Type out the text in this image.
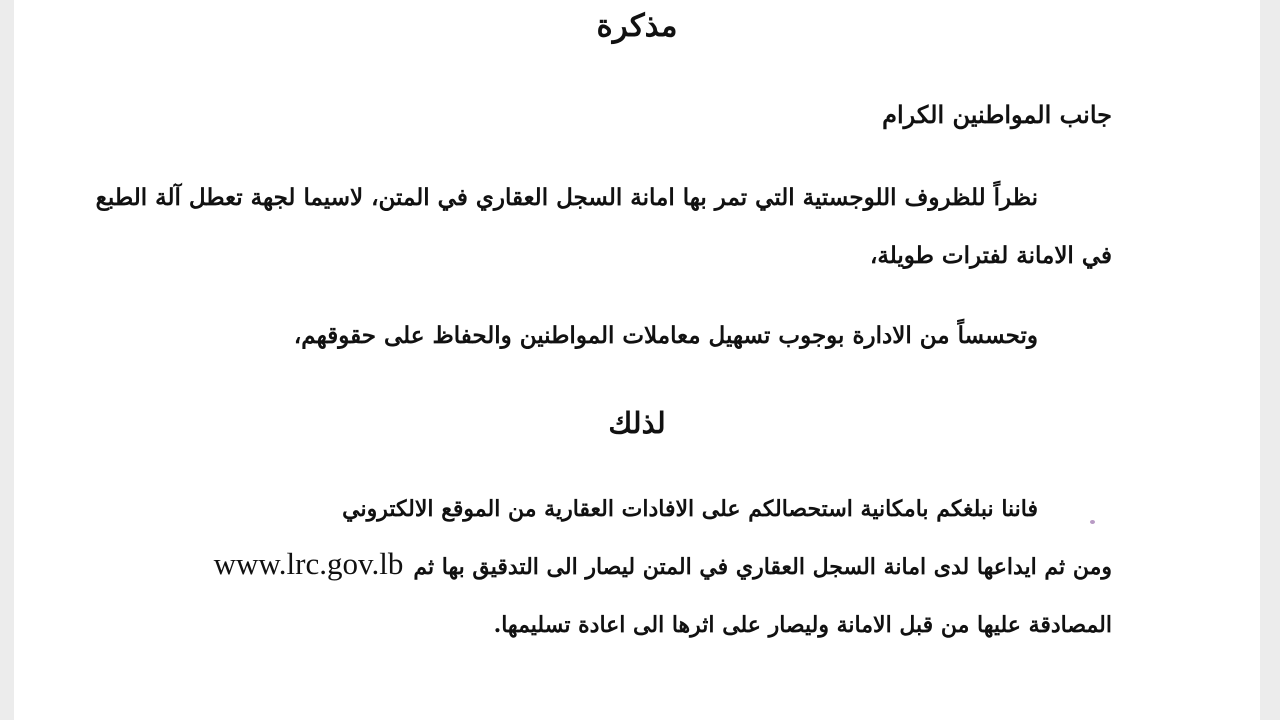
مذكرة
جانب المواطنين الكرام
نظراً للظروف اللوجستية التي تمر بها امانة السجل العقاري في المتن، لاسيما لجهة تعطل آلة الطبع
في الامانة لفترات طويلة،
وتحسساً من الادارة بوجوب تسهيل معاملات المواطنين والحفاظ على حقوقهم،
لذلك
فاننا نبلغكم بامكانية استحصالكم على الافادات العقارية من الموقع الالكتروني
ومن ثم ايداعها لدى امانة السجل العقاري في المتن ليصار الى التدقيق بها ثم
www.lrc.gov.lb
المصادقة عليها من قبل الامانة وليصار على اثرها الى اعادة تسليمها.
